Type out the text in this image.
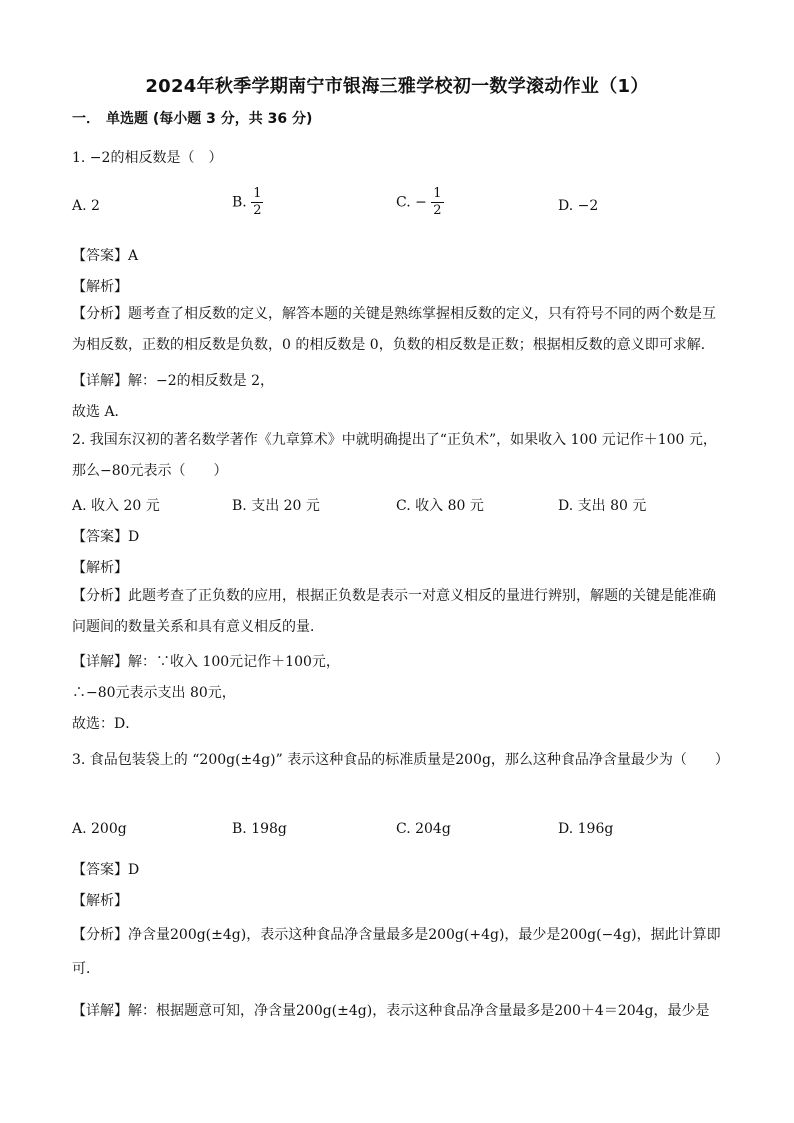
2024年秋季学期南宁市银海三雅学校初一数学滚动作业（1）
一． 单选题 (每小题 3 分，共 36 分)
1. −2的相反数是（　）
A. 2	B. $\frac{1}{2}$	C. − $\frac{1}{2}$	D. −2
【答案】A
【解析】
【分析】题考查了相反数的定义，解答本题的关键是熟练掌握相反数的定义，只有符号不同的两个数是互为相反数，正数的相反数是负数，0 的相反数是 0，负数的相反数是正数；根据相反数的意义即可求解．
【详解】解：−2的相反数是 2，
故选 A．
2. 我国东汉初的著名数学著作《九章算术》中就明确提出了“正负术”，如果收入 100 元记作＋100 元，那么−80元表示（　　）
A. 收入 20 元	B. 支出 20 元	C. 收入 80 元	D. 支出 80 元
【答案】D
【解析】
【分析】此题考查了正负数的应用，根据正负数是表示一对意义相反的量进行辨别，解题的关键是能准确问题间的数量关系和具有意义相反的量．
【详解】解：∵收入 100元记作＋100元，
∴−80元表示支出 80元，
故选：D．
3. 食品包装袋上的 “200g(±4g)” 表示这种食品的标准质量是200g，那么这种食品净含量最少为（　　）
A. 200g	B. 198g	C. 204g	D. 196g
【答案】D
【解析】
【分析】净含量200g(±4g)，表示这种食品净含量最多是200g(+4g)，最少是200g(−4g)，据此计算即可．
【详解】解：根据题意可知，净含量200g(±4g)，表示这种食品净含量最多是200＋4＝204g，最少是
